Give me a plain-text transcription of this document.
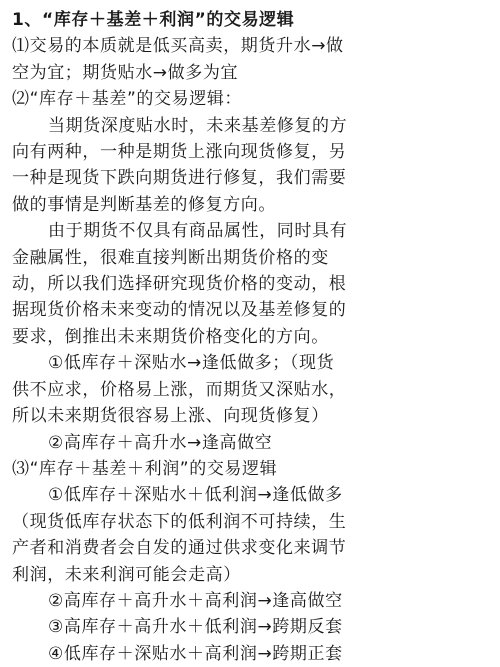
1、“库存＋基差＋利润”的交易逻辑
⑴交易的本质就是低买高卖，期货升水→做
空为宜；期货贴水→做多为宜
⑵“库存＋基差”的交易逻辑：
当期货深度贴水时，未来基差修复的方
向有两种，一种是期货上涨向现货修复，另
一种是现货下跌向期货进行修复，我们需要
做的事情是判断基差的修复方向。
由于期货不仅具有商品属性，同时具有
金融属性，很难直接判断出期货价格的变
动，所以我们选择研究现货价格的变动，根
据现货价格未来变动的情况以及基差修复的
要求，倒推出未来期货价格变化的方向。
①低库存＋深贴水→逢低做多；（现货
供不应求，价格易上涨，而期货又深贴水，
所以未来期货很容易上涨、向现货修复）
②高库存＋高升水→逢高做空
⑶“库存＋基差＋利润”的交易逻辑
①低库存＋深贴水＋低利润→逢低做多
（现货低库存状态下的低利润不可持续，生
产者和消费者会自发的通过供求变化来调节
利润，未来利润可能会走高）
②高库存＋高升水＋高利润→逢高做空
③高库存＋高升水＋低利润→跨期反套
④低库存＋深贴水＋高利润→跨期正套
